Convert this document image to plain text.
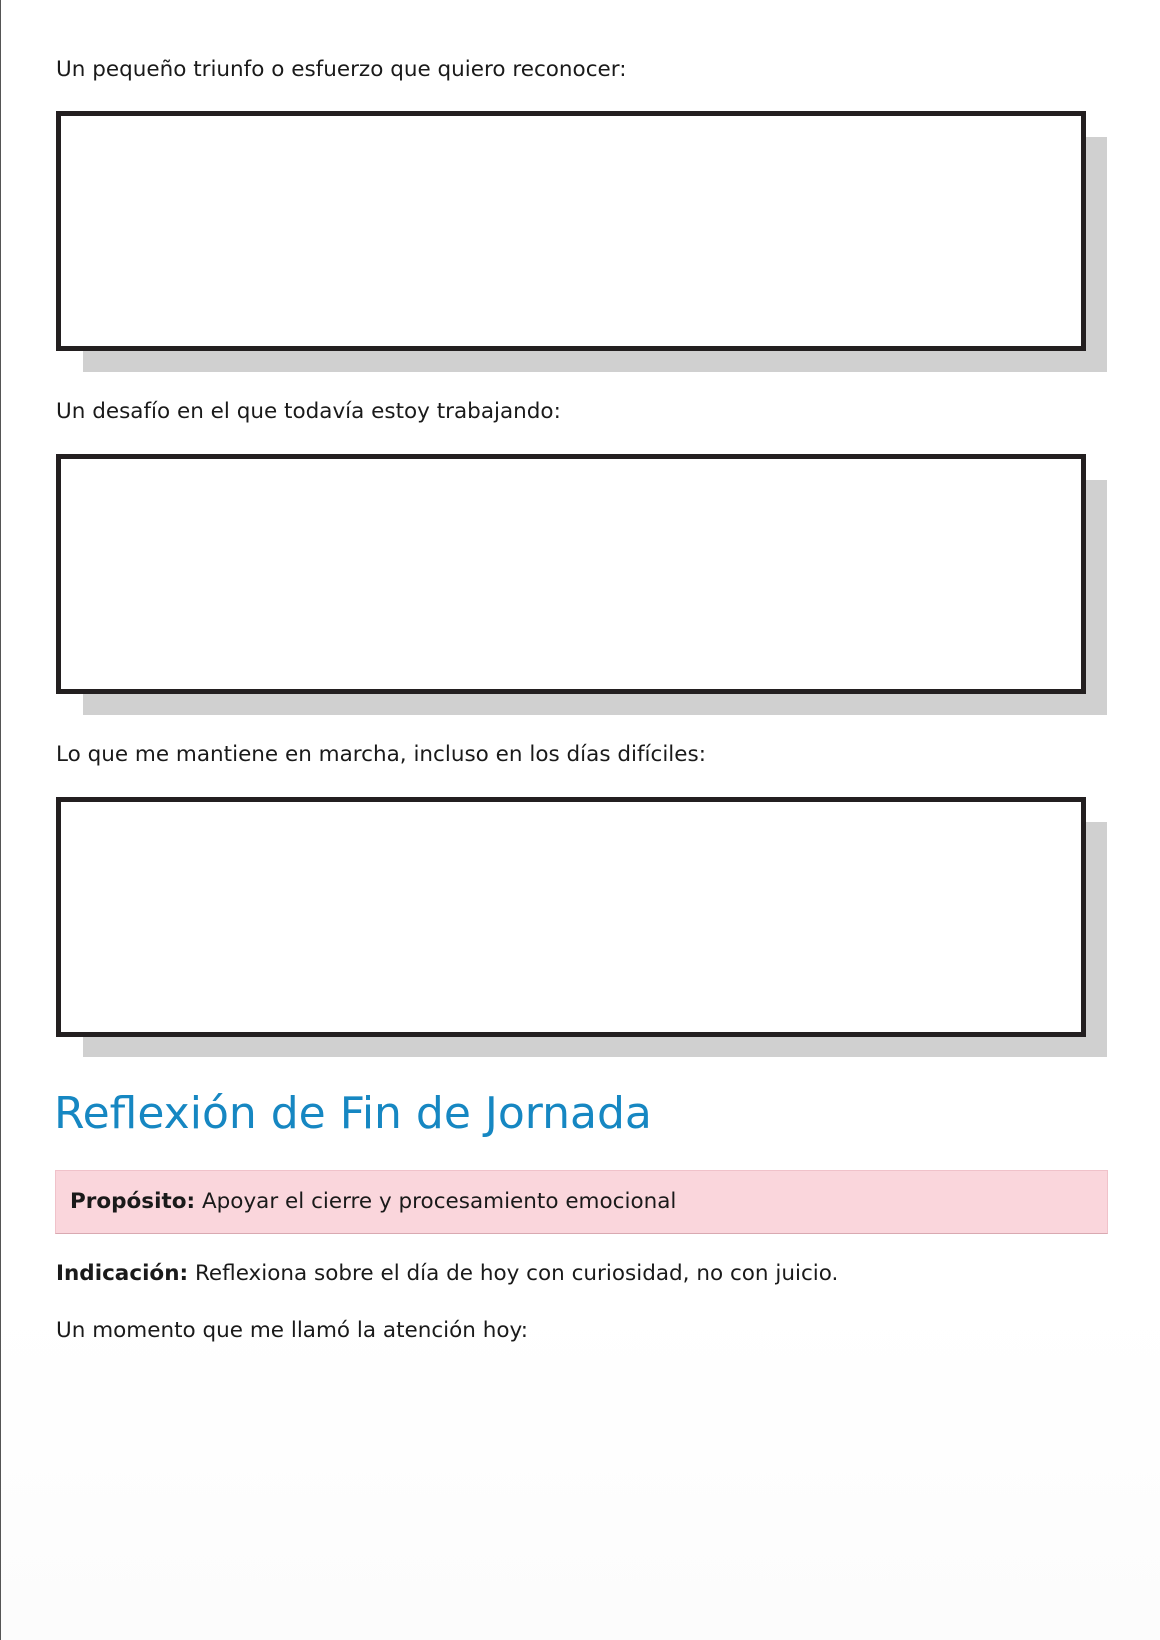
Un pequeño triunfo o esfuerzo que quiero reconocer:
Un desafío en el que todavía estoy trabajando:
Lo que me mantiene en marcha, incluso en los días difíciles:
Reflexión de Fin de Jornada
Propósito: Apoyar el cierre y procesamiento emocional
Indicación: Reflexiona sobre el día de hoy con curiosidad, no con juicio.
Un momento que me llamó la atención hoy:
